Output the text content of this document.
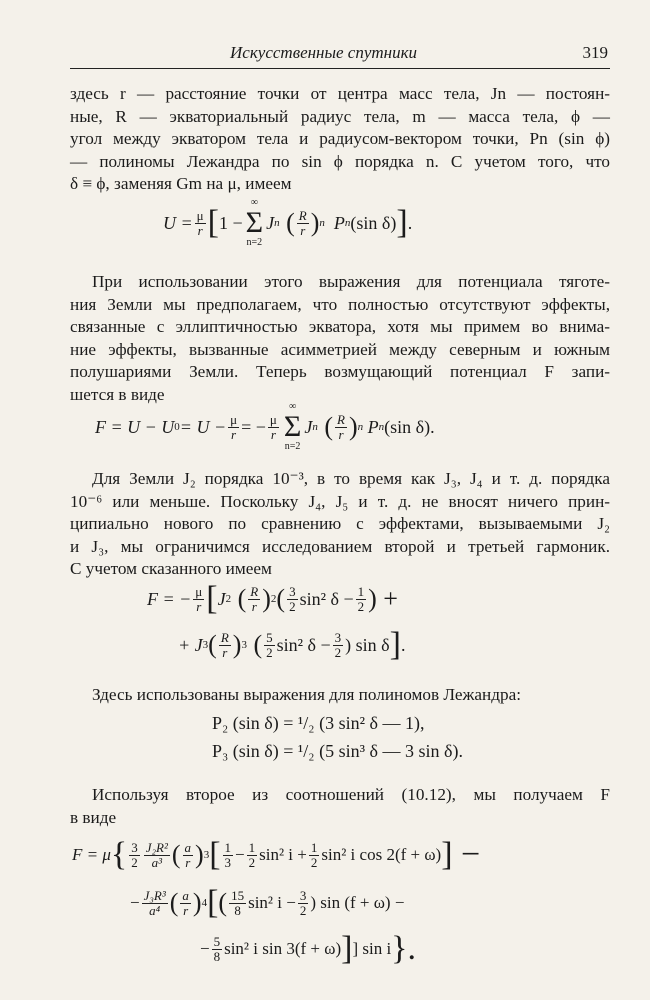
Искусственные спутники	319
здесь r — расстояние точки от центра масс тела, Jn — постоян-
ные, R — экваториальный радиус тела, m — масса тела, ϕ —
угол между экватором тела и радиусом-вектором точки, Pn (sin ϕ)
— полиномы Лежандра по sin ϕ порядка n. С учетом того, что
δ ≡ ϕ, заменяя Gm на μ, имеем
$U = \frac{\mu}{r}$ [ 1 −
∞
Σ
n=2
J n ( $\frac{R}{r}$ ) n
P n (sin δ) ] .
При использовании этого выражения для потенциала тяготе-
ния Земли мы предполагаем, что полностью отсутствуют эффекты,
связанные с эллиптичностью экватора, хотя мы примем во внима-
ние эффекты, вызванные асимметрией между северным и южным
полушариями Земли. Теперь возмущающий потенциал F запи-
шется в виде
F = U − U $0 = U - \frac{\mu}{r}$ = − $\frac{\mu}{r}$
∞
Σ
n=2
J n ( $\frac{R}{r}$ ) n
P n (sin δ).
Для Земли J₂ порядка 10⁻³, в то время как J₃, J₄ и т. д. порядка
10⁻⁶ или меньше. Поскольку J₄, J₅ и т. д. не вносят ничего прин-
ципиально нового по сравнению с эффектами, вызываемыми J₂
и J₃, мы ограничимся исследованием второй и третьей гармоник.
С учетом сказанного имеем
F = − $\frac{\mu}{r}$ [ J 2 ( $\frac{R}{r}$ ) 2 ( $\frac{3}{2} \sin^2$ $\delta - \frac{1}{2}$ ) +
+ J 3 ( $\frac{R}{r}$ ) 3 ( $\frac{5}{2} \sin^2$ $\delta - \frac{3}{2}$ ) sin δ ] .
Здесь использованы выражения для полиномов Лежандра:
P₂ (sin δ) = ¹/₂ (3 sin² δ — 1),
P₃ (sin δ) = ¹/₂ (5 sin³ δ — 3 sin δ).
Используя второе из соотношений (10.12), мы получаем F
в виде
F = μ { $\frac{3}{2} \frac{\text{J₂R²}}{\text{a³}}$ ( $\frac{a}{r}$ ) 3 [ $\frac{1}{3} - \frac{1}{2} \sin^2$ $i + \frac{1}{2} \sin^2$ i cos 2(f + ω) ] −
− $\frac{\text{J₃R³}}{\text{a⁴}}$ ( $\frac{a}{r}$ ) 4 [ ( $\frac{15}{8} \sin^2$ $i - \frac{3}{2}$ ) sin (f + ω) −
− $\frac{5}{8} \sin^2$ i sin 3(f + ω) ] ] sin i }.
